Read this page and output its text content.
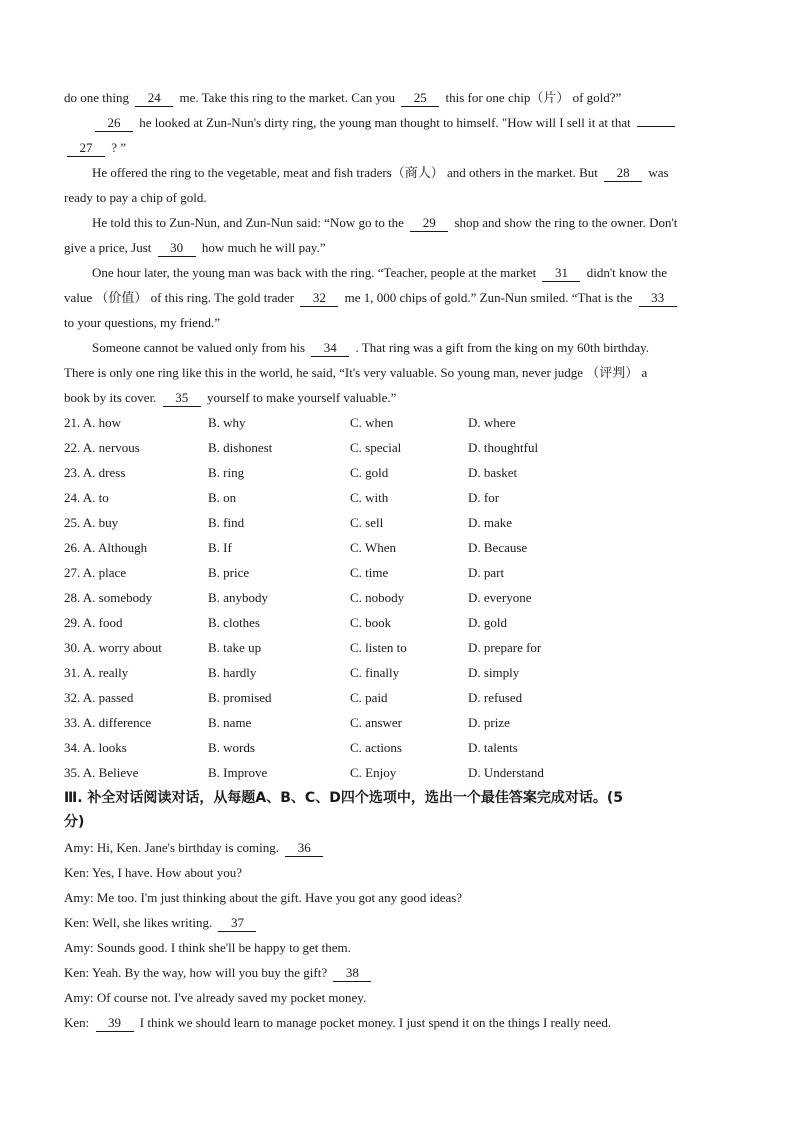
do one thing 24 me. Take this ring to the market. Can you 25 this for one chip（片） of gold?”
26 he looked at Zun-Nun's dirty ring, the young man thought to himself. "How will I sell it at that
27 ? ”
He offered the ring to the vegetable, meat and fish traders（商人） and others in the market. But 28 was
ready to pay a chip of gold.
He told this to Zun-Nun, and Zun-Nun said: “Now go to the 29 shop and show the ring to the owner. Don't
give a price, Just 30 how much he will pay.”
One hour later, the young man was back with the ring. “Teacher, people at the market 31 didn't know the
value （价值） of this ring. The gold trader 32 me 1, 000 chips of gold.” Zun-Nun smiled. “That is the 33
to your questions, my friend.”
Someone cannot be valued only from his 34 . That ring was a gift from the king on my 60th birthday.
There is only one ring like this in the world, he said, “It's very valuable. So young man, never judge （评判） a
book by its cover. 35 yourself to make yourself valuable.”
21. A. how	B. why	C. when	D. where
22. A. nervous	B. dishonest	C. special	D. thoughtful
23. A. dress	B. ring	C. gold	D. basket
24. A. to	B. on	C. with	D. for
25. A. buy	B. find	C. sell	D. make
26. A. Although	B. If	C. When	D. Because
27. A. place	B. price	C. time	D. part
28. A. somebody	B. anybody	C. nobody	D. everyone
29. A. food	B. clothes	C. book	D. gold
30. A. worry about	B. take up	C. listen to	D. prepare for
31. A. really	B. hardly	C. finally	D. simply
32. A. passed	B. promised	C. paid	D. refused
33. A. difference	B. name	C. answer	D. prize
34. A. looks	B. words	C. actions	D. talents
35. A. Believe	B. Improve	C. Enjoy	D. Understand
Ⅲ. 补全对话阅读对话，从每题A、B、C、D四个选项中，选出一个最佳答案完成对话。(5
分)
Amy: Hi, Ken. Jane's birthday is coming. 36
Ken: Yes, I have. How about you?
Amy: Me too. I'm just thinking about the gift. Have you got any good ideas?
Ken: Well, she likes writing. 37
Amy: Sounds good. I think she'll be happy to get them.
Ken: Yeah. By the way, how will you buy the gift? 38
Amy: Of course not. I've already saved my pocket money.
Ken: 39 I think we should learn to manage pocket money. I just spend it on the things I really need.
